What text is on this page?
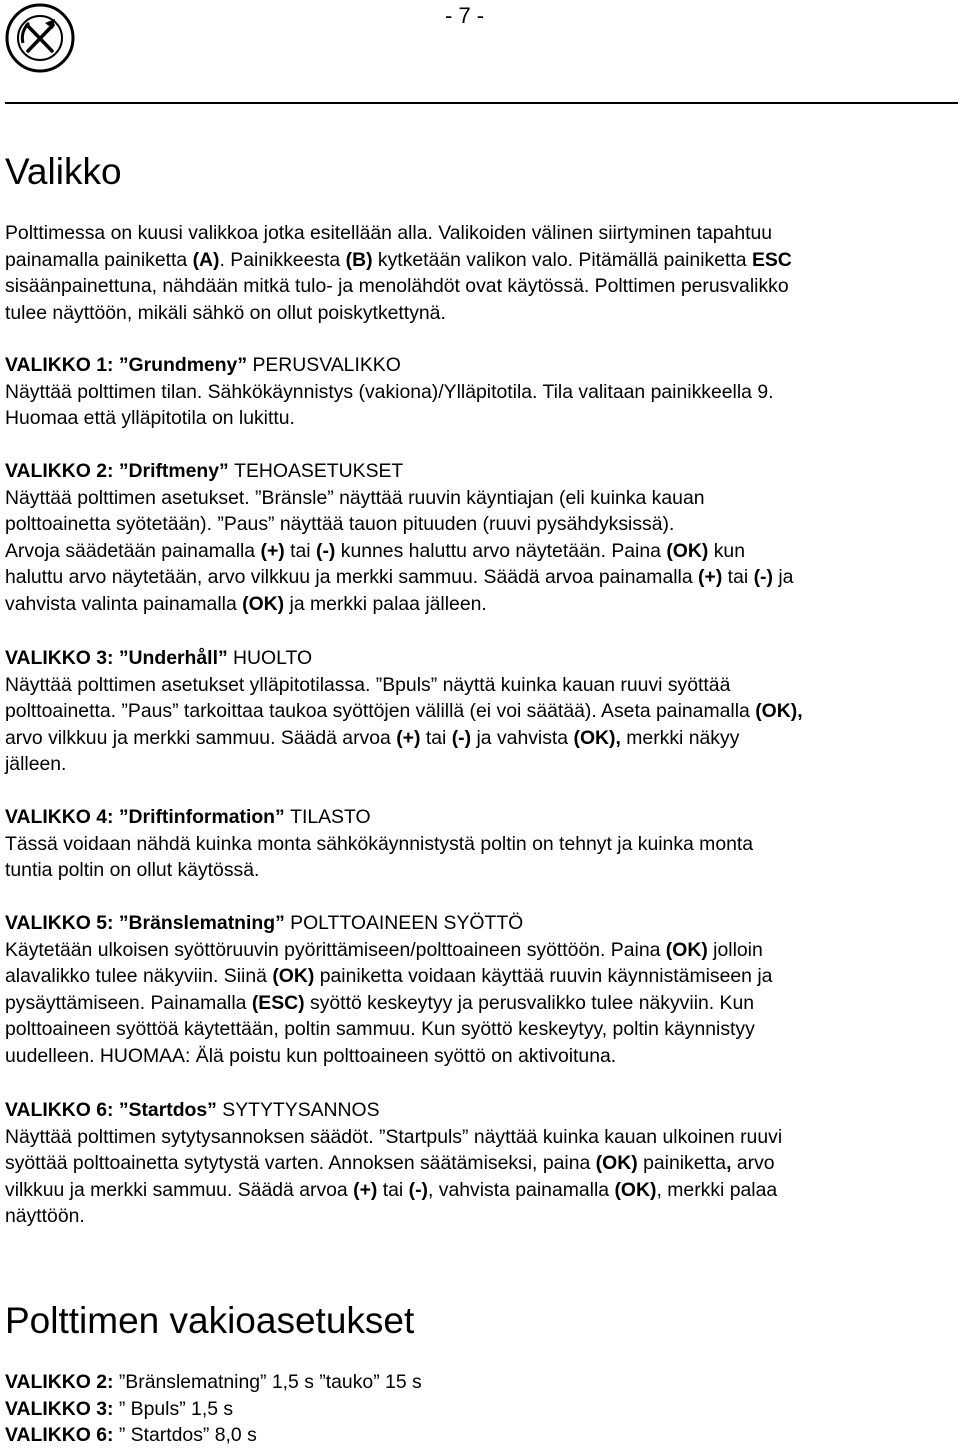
- 7 -
Valikko
Polttimessa on kuusi valikkoa jotka esitellään alla. Valikoiden välinen siirtyminen tapahtuu
painamalla painiketta (A). Painikkeesta (B) kytketään valikon valo. Pitämällä painiketta ESC
sisäänpainettuna, nähdään mitkä tulo- ja menolähdöt ovat käytössä. Polttimen perusvalikko
tulee näyttöön, mikäli sähkö on ollut poiskytkettynä.
VALIKKO 1: ”Grundmeny” PERUSVALIKKO
Näyttää polttimen tilan. Sähkökäynnistys (vakiona)/Ylläpitotila. Tila valitaan painikkeella 9.
Huomaa että ylläpitotila on lukittu.
VALIKKO 2: ”Driftmeny” TEHOASETUKSET
Näyttää polttimen asetukset. ”Bränsle” näyttää ruuvin käyntiajan (eli kuinka kauan
polttoainetta syötetään). ”Paus” näyttää tauon pituuden (ruuvi pysähdyksissä).
Arvoja säädetään painamalla (+) tai (-) kunnes haluttu arvo näytetään. Paina (OK) kun
haluttu arvo näytetään, arvo vilkkuu ja merkki sammuu. Säädä arvoa painamalla (+) tai (-) ja
vahvista valinta painamalla (OK) ja merkki palaa jälleen.
VALIKKO 3: ”Underhåll” HUOLTO
Näyttää polttimen asetukset ylläpitotilassa. ”Bpuls” näyttä kuinka kauan ruuvi syöttää
polttoainetta. ”Paus” tarkoittaa taukoa syöttöjen välillä (ei voi säätää). Aseta painamalla (OK),
arvo vilkkuu ja merkki sammuu. Säädä arvoa (+) tai (-) ja vahvista (OK), merkki näkyy
jälleen.
VALIKKO 4: ”Driftinformation” TILASTO
Tässä voidaan nähdä kuinka monta sähkökäynnistystä poltin on tehnyt ja kuinka monta
tuntia poltin on ollut käytössä.
VALIKKO 5: ”Bränslematning” POLTTOAINEEN SYÖTTÖ
Käytetään ulkoisen syöttöruuvin pyörittämiseen/polttoaineen syöttöön. Paina (OK) jolloin
alavalikko tulee näkyviin. Siinä (OK) painiketta voidaan käyttää ruuvin käynnistämiseen ja
pysäyttämiseen. Painamalla (ESC) syöttö keskeytyy ja perusvalikko tulee näkyviin. Kun
polttoaineen syöttöä käytettään, poltin sammuu. Kun syöttö keskeytyy, poltin käynnistyy
uudelleen. HUOMAA: Älä poistu kun polttoaineen syöttö on aktivoituna.
VALIKKO 6: ”Startdos” SYTYTYSANNOS
Näyttää polttimen sytytysannoksen säädöt. ”Startpuls” näyttää kuinka kauan ulkoinen ruuvi
syöttää polttoainetta sytytystä varten. Annoksen säätämiseksi, paina (OK) painiketta, arvo
vilkkuu ja merkki sammuu. Säädä arvoa (+) tai (-), vahvista painamalla (OK), merkki palaa
näyttöön.
Polttimen vakioasetukset
VALIKKO 2: ”Bränslematning” 1,5 s ”tauko” 15 s
VALIKKO 3: ” Bpuls” 1,5 s
VALIKKO 6: ” Startdos” 8,0 s
